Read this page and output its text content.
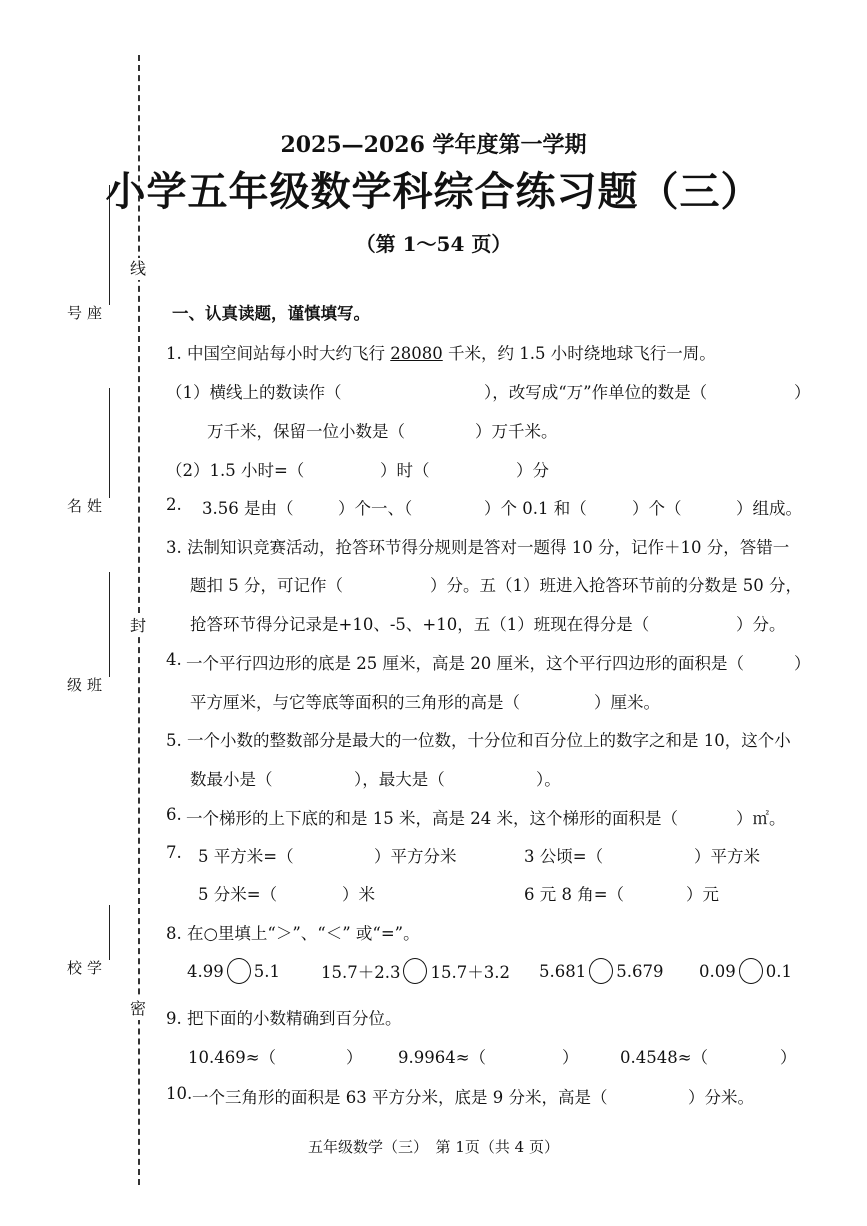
线
封
密
座号
姓名
班级
学校
2025—2026 学年度第一学期
小学五年级数学科综合练习题（三）
（第 1～54 页）
一、认真读题，谨慎填写。
1. 中国空间站每小时大约飞行 28080 千米，约 1.5 小时绕地球飞行一周。
（1）横线上的数读作（	），改写成“万”作单位的数是（	）
万千米，保留一位小数是（	）万千米。
（2）1.5 小时=（	）时（	）分
2. 3.56 是由（	）个一、（	）个 0.1 和（	）个（	）组成。
3. 法制知识竞赛活动，抢答环节得分规则是答对一题得 10 分，记作＋10 分，答错一
题扣 5 分，可记作（	）分。五（1）班进入抢答环节前的分数是 50 分，
抢答环节得分记录是+10、-5、+10，五（1）班现在得分是（	）分。
4. 一个平行四边形的底是 25 厘米，高是 20 厘米，这个平行四边形的面积是（	）
平方厘米，与它等底等面积的三角形的高是（	）厘米。
5. 一个小数的整数部分是最大的一位数，十分位和百分位上的数字之和是 10，这个小
数最小是（	），最大是（	）。
6. 一个梯形的上下底的和是 15 米，高是 24 米，这个梯形的面积是（	）㎡。
7. 5 平方米=（	）平方分米	3 公顷=（	）平方米
5 分米=（	）米	6 元 8 角=（	）元
8. 在○里填上“＞”、“＜” 或“=”。
4.99 5.1 15.7＋2.3 15.7＋3.2 5.681 5.679 0.09 0.1
9. 把下面的小数精确到百分位。
10.469≈（	） 9.9964≈（	）	0.4548≈（	）
10. 一个三角形的面积是 63 平方分米，底是 9 分米，高是（	）分米。
五年级数学（三）　第 1页（共 4 页）
